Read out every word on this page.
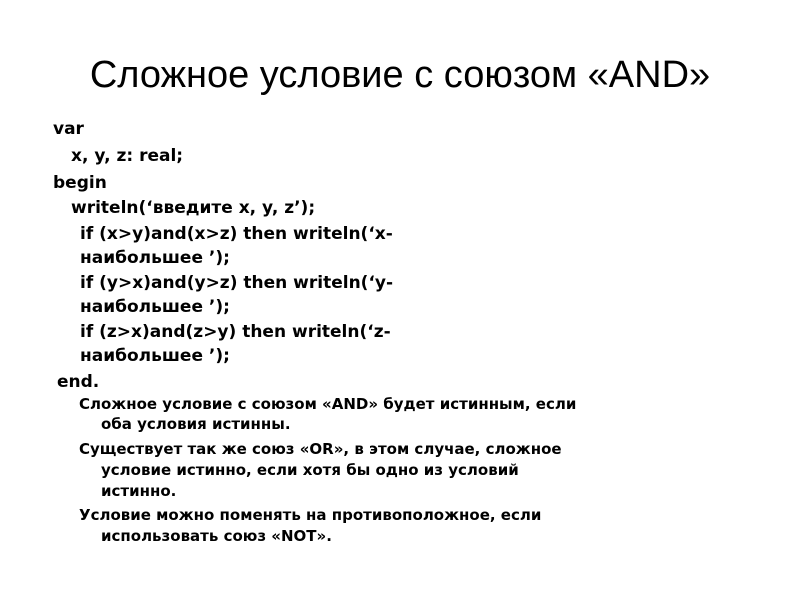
Сложное условие с союзом «AND»

var

x, y, z: real;

begin

writeln(‘введите x, y, z’);

if (x>y)and(x>z) then writeln(‘x-

наибольшее ’);

if (y>x)and(y>z) then writeln(‘y-

наибольшее ’);

if (z>x)and(z>y) then writeln(‘z-

наибольшее ’);

end.

Сложное условие с союзом «AND» будет истинным, если

оба условия истинны.

Существует так же союз «OR», в этом случае, сложное

условие истинно, если хотя бы одно из условий

истинно.

Условие можно поменять на противоположное, если

использовать союз «NOT».
